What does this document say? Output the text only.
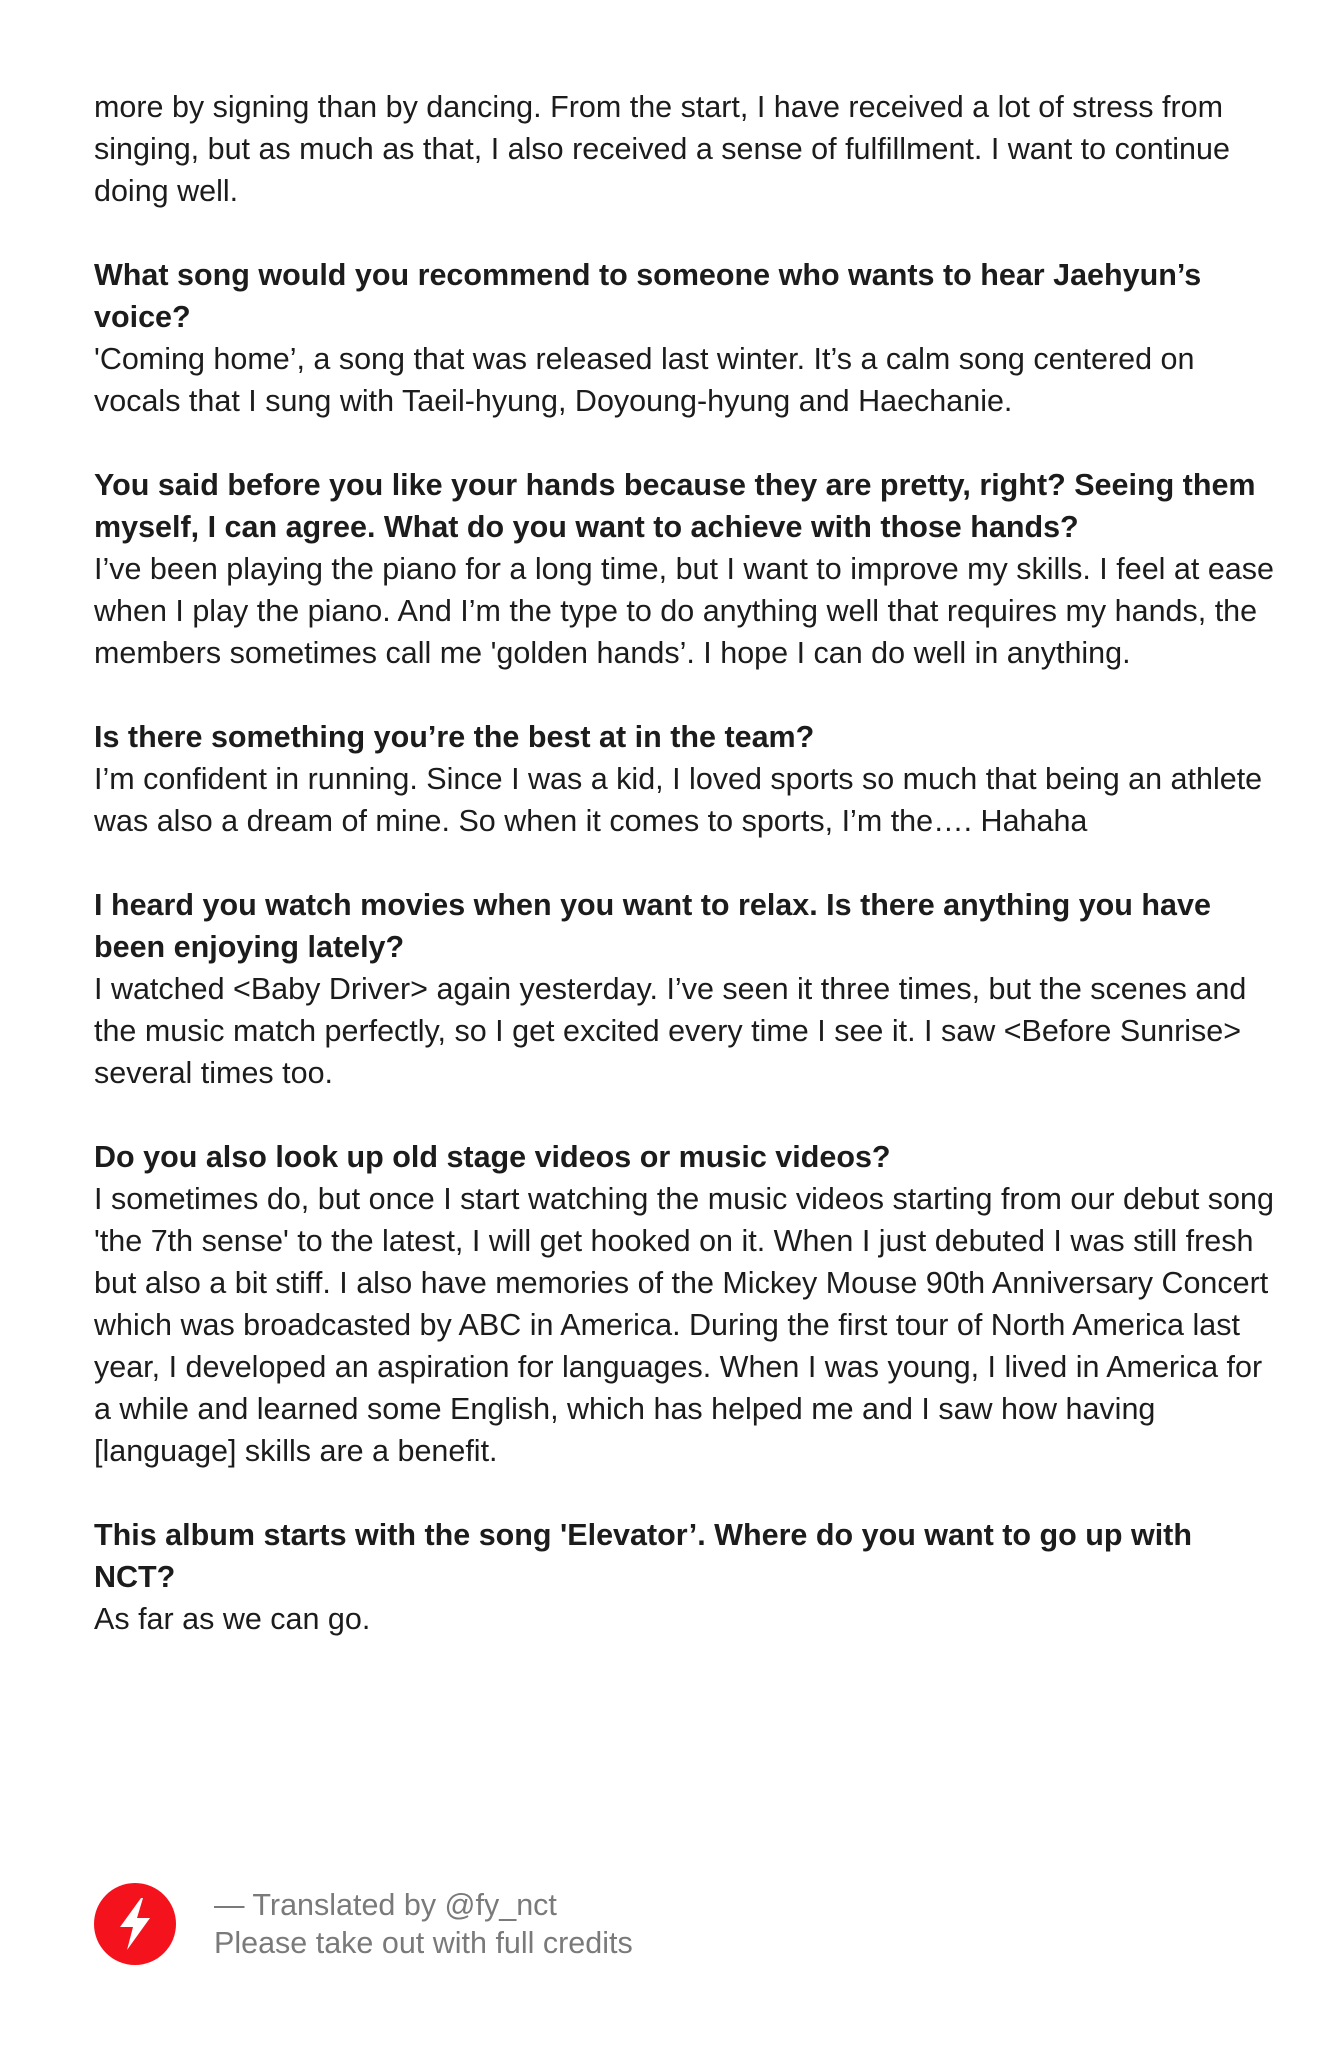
more by signing than by dancing. From the start, I have received a lot of stress from singing, but as much as that, I also received a sense of fulfillment. I want to continue doing well.

What song would you recommend to someone who wants to hear Jaehyun’s voice?

'Coming home’, a song that was released last winter. It’s a calm song centered on vocals that I sung with Taeil-hyung, Doyoung-hyung and Haechanie.

You said before you like your hands because they are pretty, right? Seeing them myself, I can agree. What do you want to achieve with those hands?

I’ve been playing the piano for a long time, but I want to improve my skills. I feel at ease when I play the piano. And I’m the type to do anything well that requires my hands, the members sometimes call me 'golden hands’. I hope I can do well in anything.

Is there something you’re the best at in the team?

I’m confident in running. Since I was a kid, I loved sports so much that being an athlete was also a dream of mine. So when it comes to sports, I’m the…. Hahaha

I heard you watch movies when you want to relax. Is there anything you have been enjoying lately?

I watched <Baby Driver> again yesterday. I’ve seen it three times, but the scenes and the music match perfectly, so I get excited every time I see it. I saw <Before Sunrise> several times too.

Do you also look up old stage videos or music videos?

I sometimes do, but once I start watching the music videos starting from our debut song 'the 7th sense' to the latest, I will get hooked on it. When I just debuted I was still fresh but also a bit stiff. I also have memories of the Mickey Mouse 90th Anniversary Concert which was broadcasted by ABC in America. During the first tour of North America last year, I developed an aspiration for languages. When I was young, I lived in America for a while and learned some English, which has helped me and I saw how having [language] skills are a benefit.

This album starts with the song 'Elevator’. Where do you want to go up with NCT?

As far as we can go.

— Translated by @fy_nct
Please take out with full credits
